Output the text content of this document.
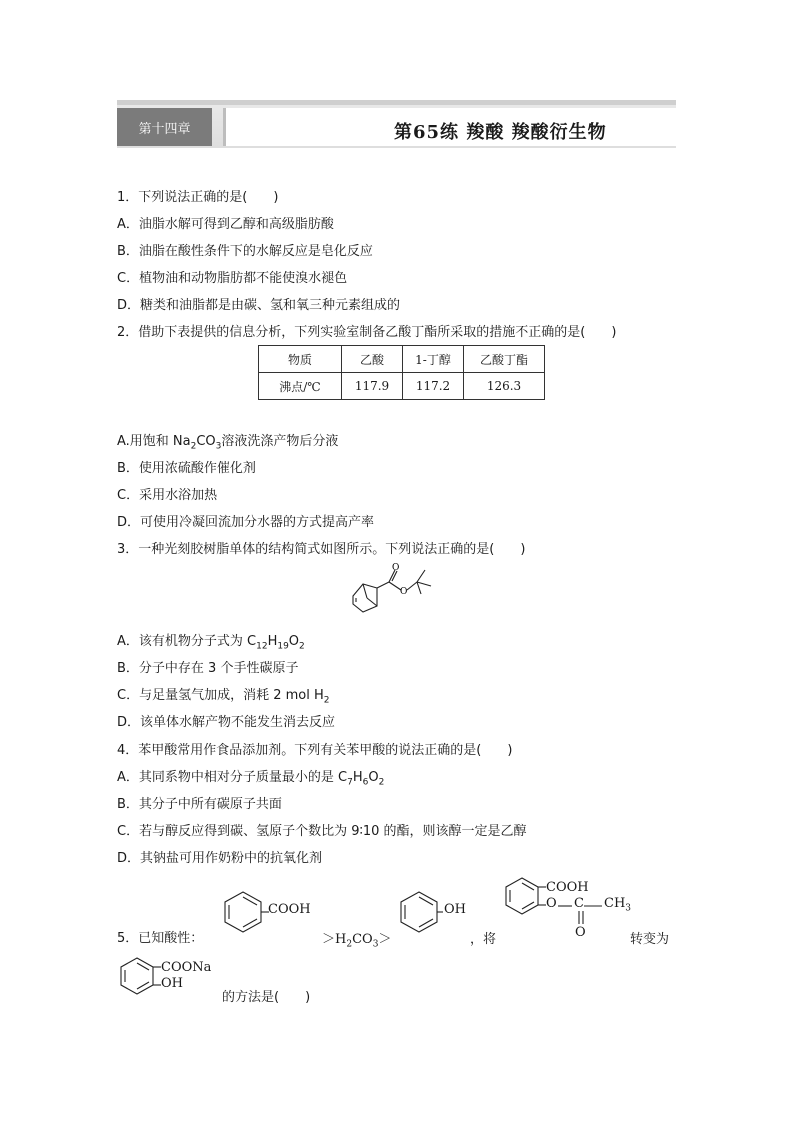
第十四章	第65练 羧酸 羧酸衍生物
1．下列说法正确的是(　　)
A．油脂水解可得到乙醇和高级脂肪酸
B．油脂在酸性条件下的水解反应是皂化反应
C．植物油和动物脂肪都不能使溴水褪色
D．糖类和油脂都是由碳、氢和氧三种元素组成的
2．借助下表提供的信息分析，下列实验室制备乙酸丁酯所采取的措施不正确的是(　　)
物质	乙酸	1-丁醇	乙酸丁酯
沸点/℃	117.9	117.2	126.3
A.用饱和 $Na_2CO_3$溶液洗涤产物后分液
B．使用浓硫酸作催化剂
C．采用水浴加热
D．可使用冷凝回流加分水器的方式提高产率
3．一种光刻胶树脂单体的结构简式如图所示。下列说法正确的是(　　)
O
O
A．该有机物分子式为 $C_{12}H_{19}O_2$
B．分子中存在 3 个手性碳原子
C．与足量氢气加成，消耗 2 mol $H_2$
D．该单体水解产物不能发生消去反应
4．苯甲酸常用作食品添加剂。下列有关苯甲酸的说法正确的是(　　)
A．其同系物中相对分子质量最小的是 $C_7H_6O_2$
B．其分子中所有碳原子共面
C．若与醇反应得到碳、氢原子个数比为 9∶10 的酯，则该醇一定是乙醇
D．其钠盐可用作奶粉中的抗氧化剂
5．已知酸性：
COOH
$>H_2CO_3>$
OH
，将
COOH
O C $CH_3$
O	转变为
COONa
OH
的方法是(　　)
